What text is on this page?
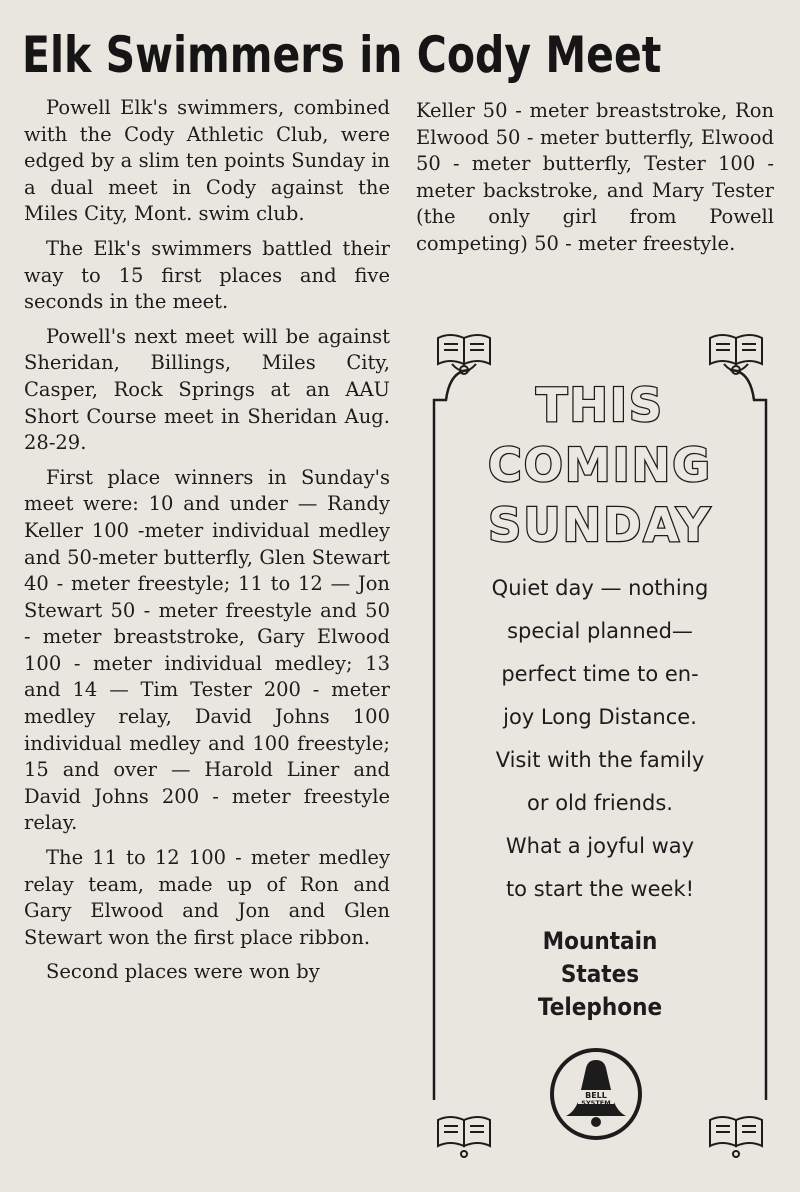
Elk Swimmers in Cody Meet

Powell Elk's swimmers, combined with the Cody Athletic Club, were edged by a slim ten points Sunday in a dual meet in Cody against the Miles City, Mont. swim club.

The Elk's swimmers battled their way to 15 first places and five seconds in the meet.

Powell's next meet will be against Sheridan, Billings, Miles City, Casper, Rock Springs at an AAU Short Course meet in Sheridan Aug. 28-29.

First place winners in Sunday's meet were: 10 and under — Randy Keller 100 -meter individual medley and 50-meter butterfly, Glen Stewart 40 - meter freestyle; 11 to 12 — Jon Stewart 50 - meter freestyle and 50 - meter breaststroke, Gary Elwood 100 - meter individual medley; 13 and 14 — Tim Tester 200 - meter medley relay, David Johns 100 individual medley and 100 freestyle; 15 and over — Harold Liner and David Johns 200 - meter freestyle relay.

The 11 to 12 100 - meter medley relay team, made up of Ron and Gary Elwood and Jon and Glen Stewart won the first place ribbon.

Second places were won by

Keller 50 - meter breaststroke, Ron Elwood 50 - meter butterfly, Elwood 50 - meter butterfly, Tester 100 - meter backstroke, and Mary Tester (the only girl from Powell competing) 50 - meter freestyle.

THIS
COMING
SUNDAY
Quiet day — nothing
special planned—
perfect time to en-
joy Long Distance.
Visit with the family
or old friends.
What a joyful way
to start the week!
Mountain
States
Telephone
BELL
SYSTEM
